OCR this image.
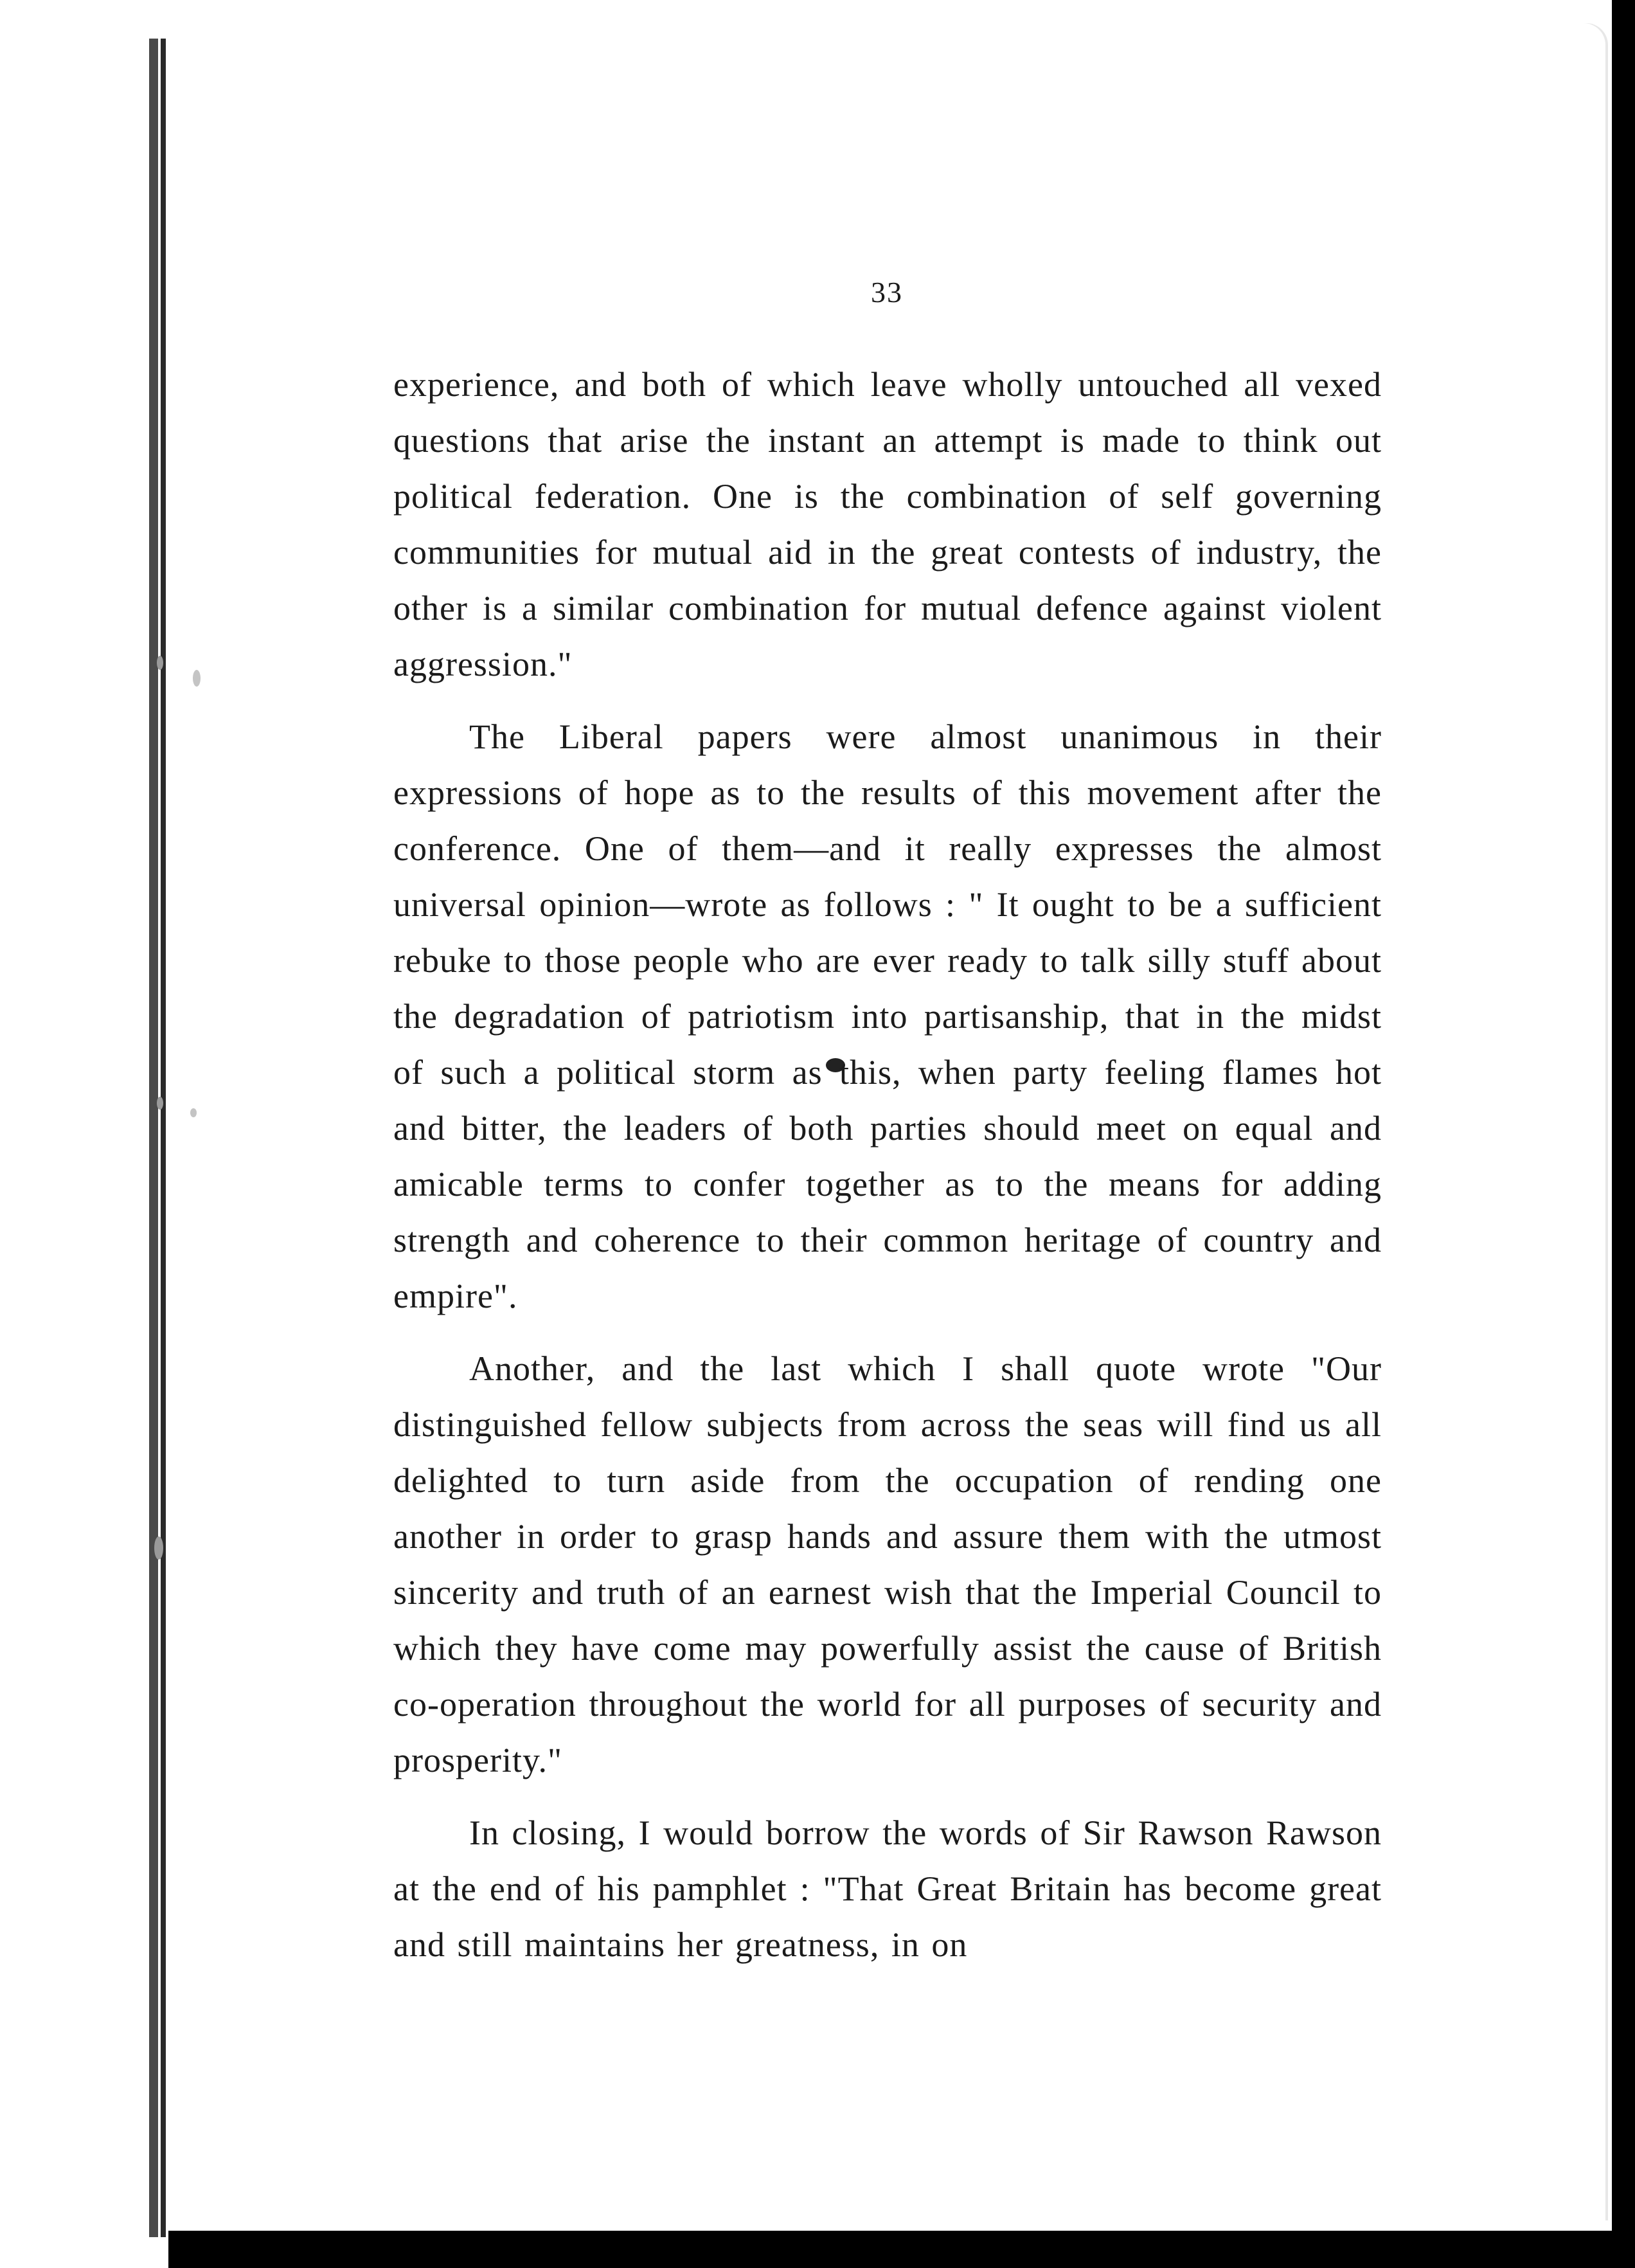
33

experience, and both of which leave wholly untouched all vexed questions that arise the instant an attempt is made to think out political federation. One is the combination of self governing communities for mutual aid in the great contests of industry, the other is a similar combination for mutual defence against violent aggression."

The Liberal papers were almost unanimous in their expressions of hope as to the results of this movement after the conference. One of them—and it really expresses the almost universal opinion—wrote as follows : " It ought to be a sufficient rebuke to those people who are ever ready to talk silly stuff about the degradation of patriotism into partisanship, that in the midst of such a political storm as this, when party feeling flames hot and bitter, the leaders of both parties should meet on equal and amicable terms to confer together as to the means for adding strength and coherence to their common heritage of country and empire".

Another, and the last which I shall quote wrote "Our distinguished fellow subjects from across the seas will find us all delighted to turn aside from the occupation of rending one another in order to grasp hands and assure them with the utmost sincerity and truth of an earnest wish that the Imperial Council to which they have come may powerfully assist the cause of British co-operation throughout the world for all purposes of security and prosperity."

In closing, I would borrow the words of Sir Rawson Rawson at the end of his pamphlet : "That Great Britain has become great and still maintains her greatness, in on
